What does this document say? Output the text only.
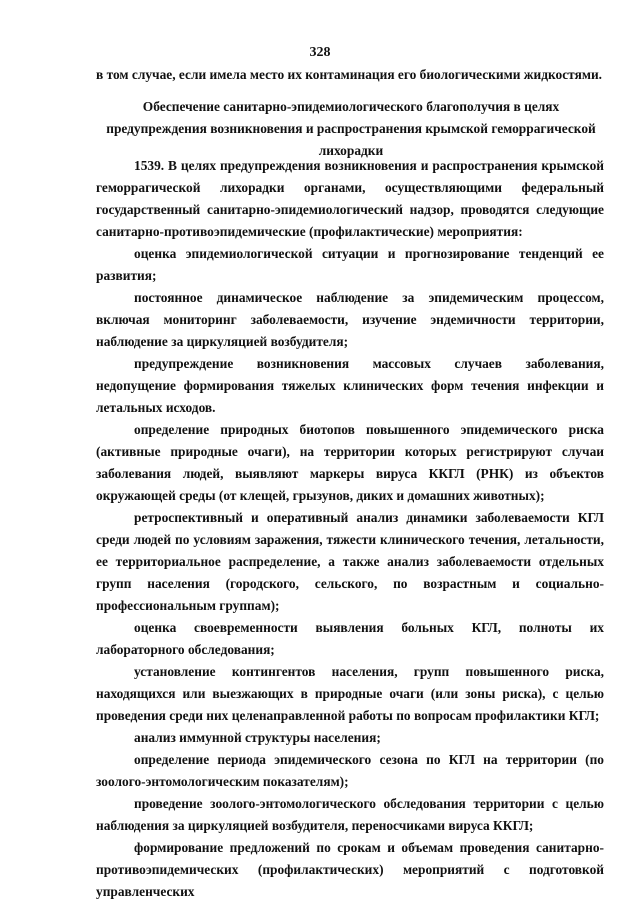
328
в том случае, если имела место их контаминация его биологическими жидкостями.
Обеспечение санитарно-эпидемиологического благополучия в целях предупреждения возникновения и распространения крымской геморрагической лихорадки

1539. В целях предупреждения возникновения и распространения крымской геморрагической лихорадки органами, осуществляющими федеральный государственный санитарно-эпидемиологический надзор, проводятся следующие санитарно-противоэпидемические (профилактические) мероприятия:

оценка эпидемиологической ситуации и прогнозирование тенденций ее развития;

постоянное динамическое наблюдение за эпидемическим процессом, включая мониторинг заболеваемости, изучение эндемичности территории, наблюдение за циркуляцией возбудителя;

предупреждение возникновения массовых случаев заболевания, недопущение формирования тяжелых клинических форм течения инфекции и летальных исходов.

определение природных биотопов повышенного эпидемического риска (активные природные очаги), на территории которых регистрируют случаи заболевания людей, выявляют маркеры вируса ККГЛ (РНК) из объектов окружающей среды (от клещей, грызунов, диких и домашних животных);

ретроспективный и оперативный анализ динамики заболеваемости КГЛ среди людей по условиям заражения, тяжести клинического течения, летальности, ее территориальное распределение, а также анализ заболеваемости отдельных групп населения (городского, сельского, по возрастным и социально-профессиональным группам);

оценка своевременности выявления больных КГЛ, полноты их лабораторного обследования;

установление контингентов населения, групп повышенного риска, находящихся или выезжающих в природные очаги (или зоны риска), с целью проведения среди них целенаправленной работы по вопросам профилактики КГЛ;

анализ иммунной структуры населения;

определение периода эпидемического сезона по КГЛ на территории (по зоолого-энтомологическим показателям);

проведение зоолого-энтомологического обследования территории с целью наблюдения за циркуляцией возбудителя, переносчиками вируса ККГЛ;

формирование предложений по срокам и объемам проведения санитарно-противоэпидемических (профилактических) мероприятий с подготовкой управленческих
